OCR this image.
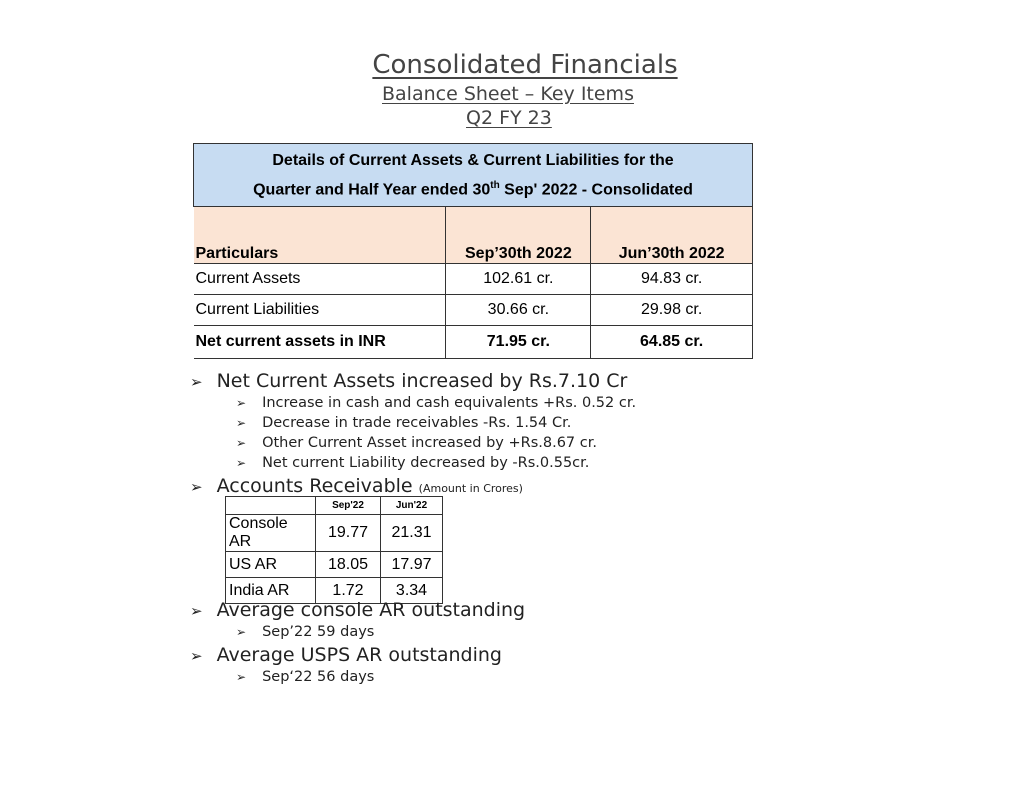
Consolidated Financials
Balance Sheet – Key Items
Q2 FY 23
Details of Current Assets & Current Liabilities for the
Quarter and Half Year ended 30th Sep' 2022 - Consolidated		
Particulars	Sep’30th 2022	Jun’30th 2022
Current Assets	102.61 cr.	94.83 cr.
Current Liabilities	30.66 cr.	29.98 cr.
Net current assets in INR	71.95 cr.	64.85 cr.
➢ Net Current Assets increased by Rs.7.10 Cr
➢ Increase in cash and cash equivalents +Rs. 0.52 cr.
➢ Decrease in trade receivables -Rs. 1.54 Cr.
➢ Other Current Asset increased by +Rs.8.67 cr.
➢ Net current Liability decreased by -Rs.0.55cr.
➢ Accounts Receivable (Amount in Crores)
	Sep'22	Jun'22
Console AR	19.77	21.31
US AR	18.05	17.97
India AR	1.72	3.34
➢ Average console AR outstanding
➢ Sep’22 59 days
➢ Average USPS AR outstanding
➢ Sep‘22 56 days
